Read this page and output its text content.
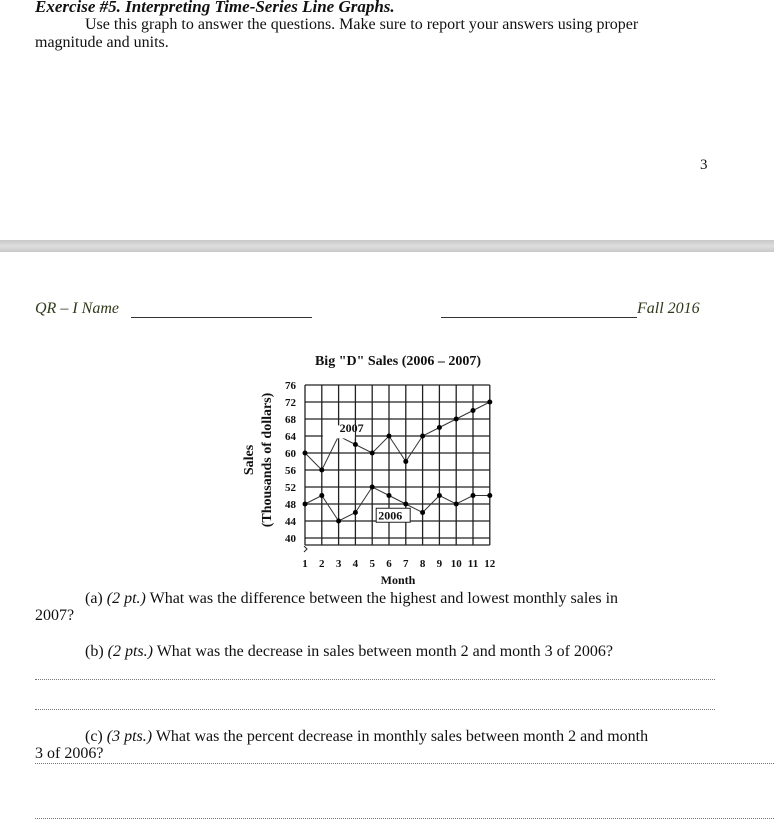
Exercise #5. Interpreting Time-Series Line Graphs.
Use this graph to answer the questions. Make sure to report your answers using proper
magnitude and units.
3
QR – I Name	Fall 2016
Big "D" Sales (2006 – 2007)
Sales (Thousands of dollars)
Month
76
72
68
64
60
56
52
48
44
40
1 2 3 4 5 6 7 8 9 10 11 12
2007
2006
(a) (2 pt.) What was the difference between the highest and lowest monthly sales in
2007?
(b) (2 pts.) What was the decrease in sales between month 2 and month 3 of 2006?
(c) (3 pts.) What was the percent decrease in monthly sales between month 2 and month
3 of 2006?
